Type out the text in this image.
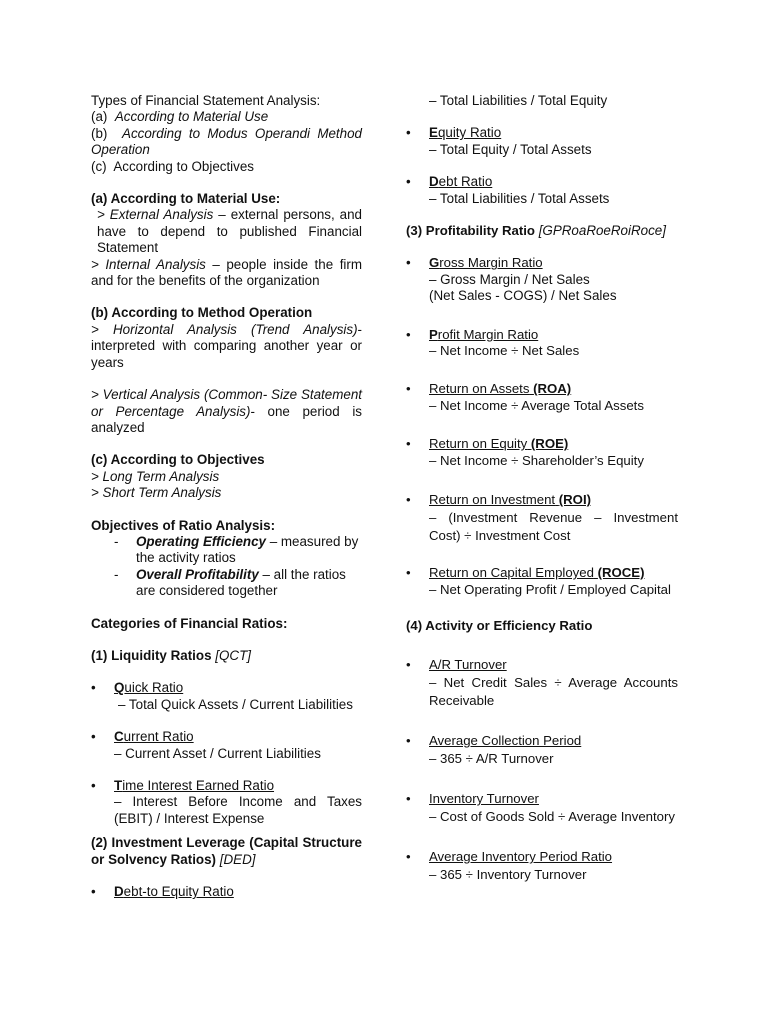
Types of Financial Statement Analysis:

(a) According to Material Use

(b) According to Modus Operandi Method Operation

(c) According to Objectives

(a) According to Material Use:

> External Analysis – external persons, and have to depend to published Financial Statement

> Internal Analysis – people inside the firm and for the benefits of the organization

(b) According to Method Operation

> Horizontal Analysis (Trend Analysis)- interpreted with comparing another year or years

> Vertical Analysis (Common- Size Statement or Percentage Analysis)- one period is analyzed

(c) According to Objectives

> Long Term Analysis

> Short Term Analysis

Objectives of Ratio Analysis:

- Operating Efficiency – measured by the activity ratios
- Overall Profitability – all the ratios are considered together

Categories of Financial Ratios:

(1) Liquidity Ratios [QCT]

• Quick Ratio
– Total Quick Assets / Current Liabilities
• Current Ratio
– Current Asset / Current Liabilities
• Time Interest Earned Ratio
– Interest Before Income and Taxes (EBIT) / Interest Expense

(2) Investment Leverage (Capital Structure or Solvency Ratios) [DED]

• Debt-to Equity Ratio

– Total Liabilities / Total Equity

• Equity Ratio
– Total Equity / Total Assets
• Debt Ratio
– Total Liabilities / Total Assets

(3) Profitability Ratio [GPRoaRoeRoiRoce]

• Gross Margin Ratio
– Gross Margin / Net Sales
(Net Sales - COGS) / Net Sales
• Profit Margin Ratio
– Net Income ÷ Net Sales
• Return on Assets (ROA)
– Net Income ÷ Average Total Assets
• Return on Equity (ROE)
– Net Income ÷ Shareholder’s Equity
• Return on Investment (ROI)
– (Investment Revenue – Investment Cost) ÷ Investment Cost
• Return on Capital Employed (ROCE)
– Net Operating Profit / Employed Capital

(4) Activity or Efficiency Ratio

• A/R Turnover
– Net Credit Sales ÷ Average Accounts Receivable
• Average Collection Period
– 365 ÷ A/R Turnover
• Inventory Turnover
– Cost of Goods Sold ÷ Average Inventory
• Average Inventory Period Ratio
– 365 ÷ Inventory Turnover
